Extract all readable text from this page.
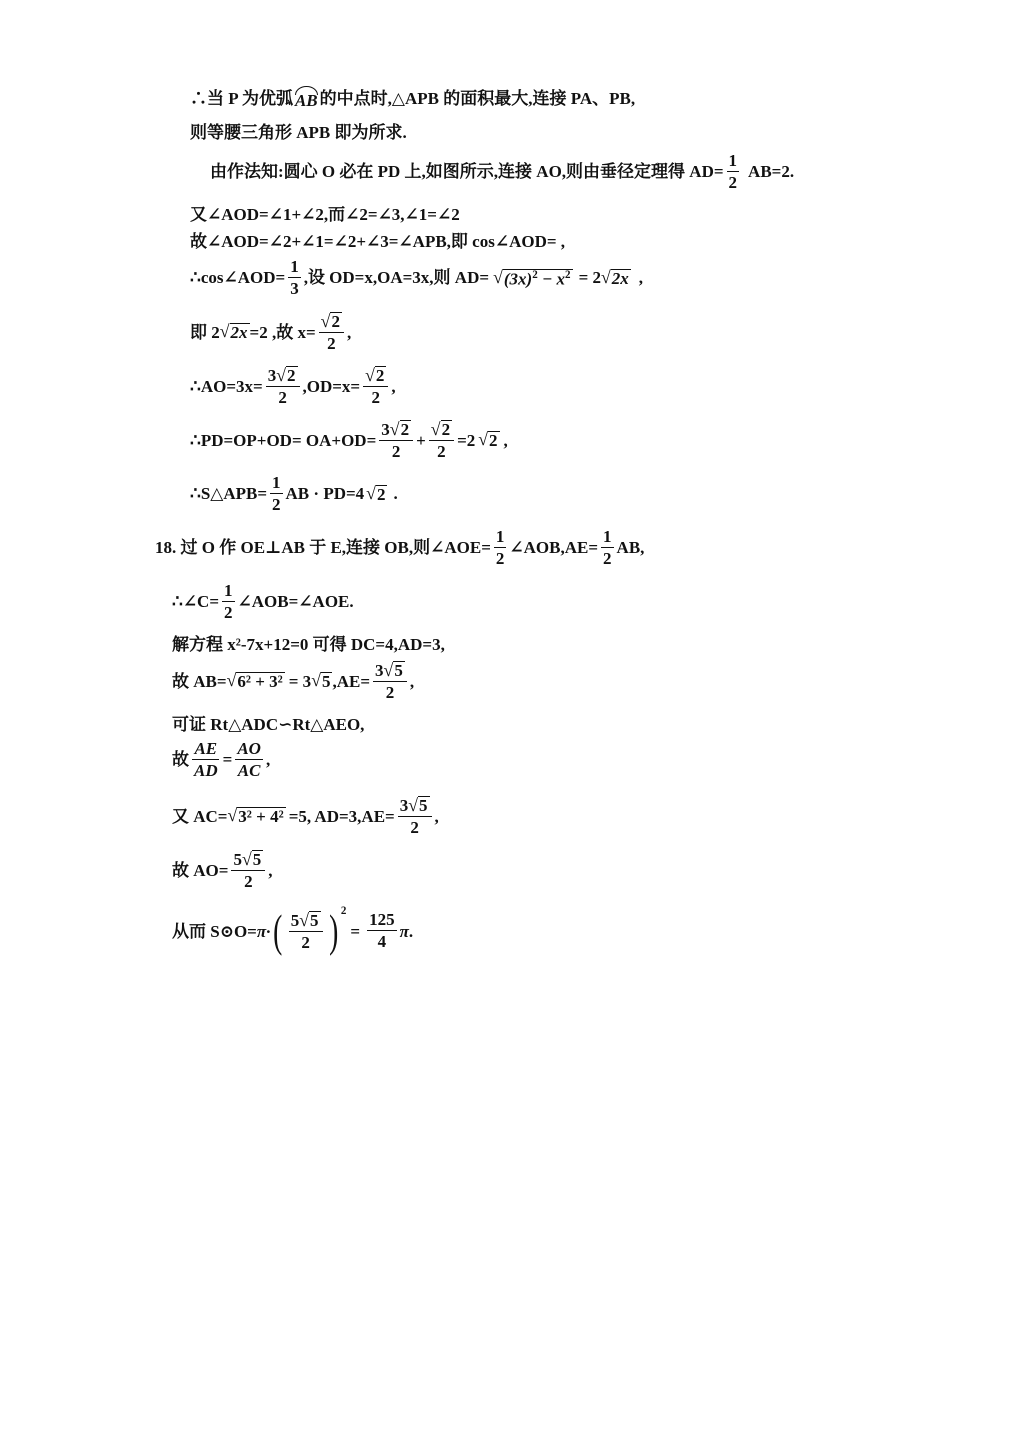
∴当 P 为优弧 AB 的中点时,△APB 的面积最大,连接 PA、PB,
则等腰三角形 APB 即为所求.
由作法知:圆心 O 必在 PD 上,如图所示,连接 AO,则由垂径定理得 $AD= \frac{1}{2} AB=2$.
又∠AOD=∠1+∠2,而∠2=∠3,∠1=∠2
故∠AOD=∠2+∠1=∠2+∠3=∠APB,即 cos∠AOD= ,
∴cos∠AOD= $\frac{1}{3}$ ,设 OD=x,OA=3x,则 AD= √ $(3x)^2 - x^2 = 2$ √ 2x ,
即 2 √ 2x =2 ,故 $x= \frac{√ 2}{2}$ ,
∴AO=3x= $\frac{3 √ 2}{2} ,OD=x= \frac{√ 2}{2}$ ,
∴PD=OP+OD= $OA+OD= \frac{3 √ 2}{2} + \frac{√ 2}{2} =2$ √ 2 ,
∴S△APB= $\frac{1}{2}$ AB · PD=4 √ 2 .
18. 过 O 作 OE⊥AB 于 E,连接 OB,则∠AOE= $\frac{1}{2}$ ∠AOB,AE= $\frac{1}{2}$ AB,
∴∠C= $\frac{1}{2}$ ∠AOB=∠AOE.
解方程 x²-7x+12=0 可得 DC=4,AD=3,
故 AB= √ 6² + 3² = 3 √ 5 $,AE= \frac{3 √ 5}{2}$ ,
可证 Rt△ADC∽Rt△AEO,
故 $\frac{AE}{AD} = \frac{AO}{AC}$ ,
又 AC= √ 3² + 4² =5, $AD=3,AE= \frac{3 √ 5}{2}$ ,
故 $AO= \frac{5 √ 5}{2}$ ,
从而 S⊙O= π· ( $\frac{5 √ 5}{2}$ ) $^2$
= $\frac{125}{4}$ π .
